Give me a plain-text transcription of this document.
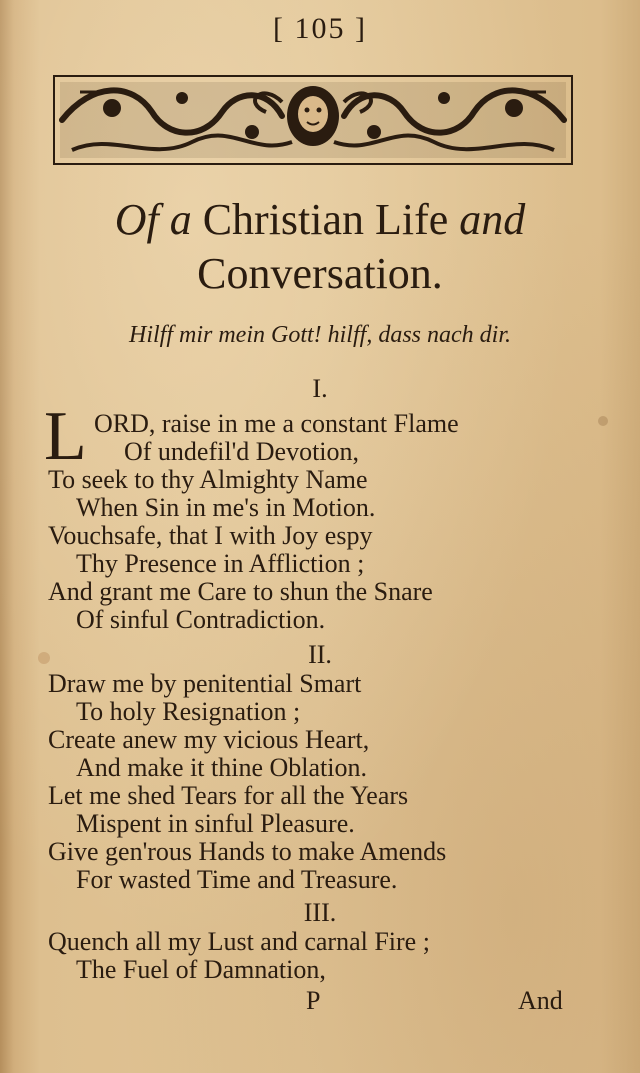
[ 105 ]
Of a Christian Life and
Conversation.
Hilff mir mein Gott! hilff, dass nach dir.
I.
L ORD, raise in me a constant Flame
Of undefil'd Devotion,
To seek to thy Almighty Name
When Sin in me's in Motion.
Vouchsafe, that I with Joy espy
Thy Presence in Affliction ;
And grant me Care to shun the Snare
Of sinful Contradiction.
II.
Draw me by penitential Smart
To holy Resignation ;
Create anew my vicious Heart,
And make it thine Oblation.
Let me shed Tears for all the Years
Mispent in sinful Pleasure.
Give gen'rous Hands to make Amends
For wasted Time and Treasure.
III.
Quench all my Lust and carnal Fire ;
The Fuel of Damnation,
P	And
